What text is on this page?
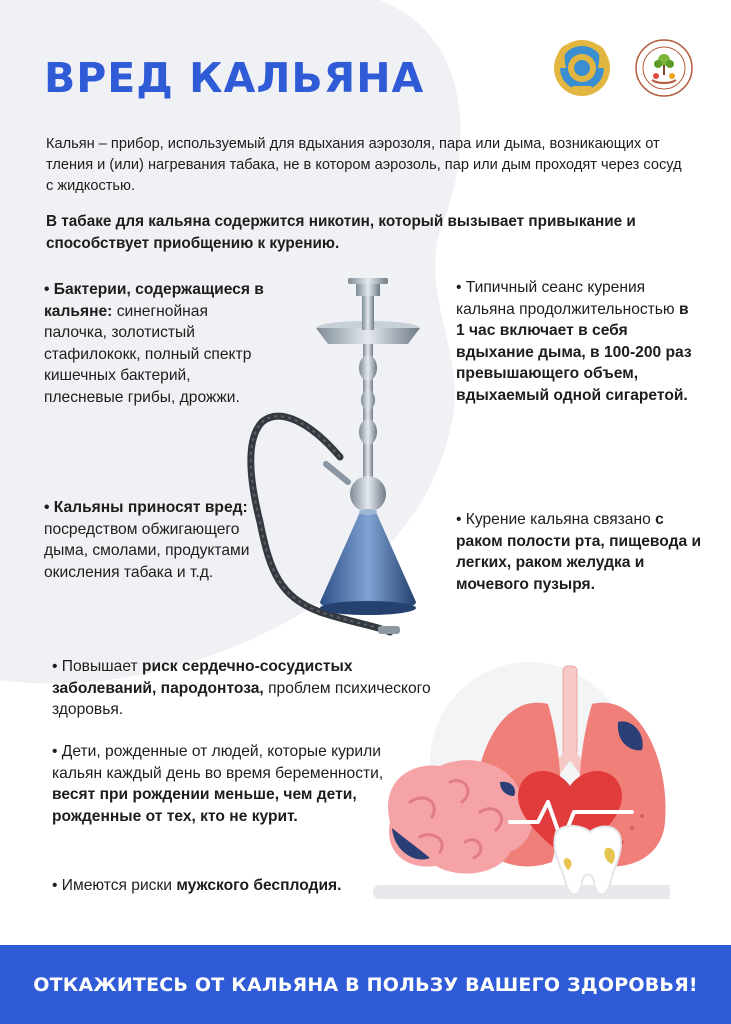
ВРЕД КАЛЬЯНА

Кальян – прибор, используемый для вдыхания аэрозоля, пара или дыма, возникающих от тления и (или) нагревания табака, не в котором аэрозоль, пар или дым проходят через сосуд с жидкостью.

В табаке для кальяна содержится никотин, который вызывает привыкание и способствует приобщению к курению.

• Бактерии, содержащиеся в кальяне: синегнойная палочка, золотистый стафилококк, полный спектр кишечных бактерий, плесневые грибы, дрожжи.

• Кальяны приносят вред: посредством обжигающего дыма, смолами, продуктами окисления табака и т.д.

• Типичный сеанс курения кальяна продолжительностью в 1 час включает в себя вдыхание дыма, в 100-200 раз превышающего объем, вдыхаемый одной сигаретой.

• Курение кальяна связано с раком полости рта, пищевода и легких, раком желудка и мочевого пузыря.

• Повышает риск сердечно-сосудистых заболеваний, пародонтоза, проблем психического здоровья.

• Дети, рожденные от людей, которые курили кальян каждый день во время беременности, весят при рождении меньше, чем дети,
рожденные от тех, кто не курит.

• Имеются риски мужского бесплодия.

ОТКАЖИТЕСЬ ОТ КАЛЬЯНА В ПОЛЬЗУ ВАШЕГО ЗДОРОВЬЯ!
